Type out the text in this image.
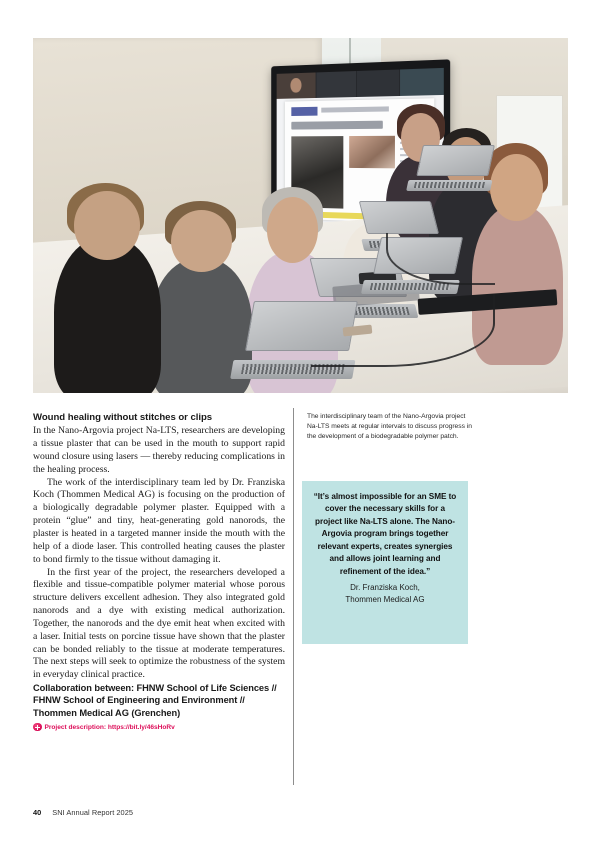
Wound healing without stitches or clips

In the Nano-Argovia project Na-LTS, researchers are developing a tissue plaster that can be used in the mouth to support rapid wound closure using lasers — thereby reducing complications in the healing process.

The work of the interdisciplinary team led by Dr. Franziska Koch (Thommen Medical AG) is focusing on the production of a biologically degradable polymer plaster. Equipped with a protein “glue” and tiny, heat-generating gold nanorods, the plaster is heated in a targeted manner inside the mouth with the help of a diode laser. This controlled heating causes the plaster to bond firmly to the tissue without damaging it.

In the first year of the project, the researchers developed a flexible and tissue-compatible polymer material whose porous structure delivers excellent adhesion. They also integrated gold nanorods and a dye with existing medical authorization. Together, the nanorods and the dye emit heat when excited with a laser. Initial tests on porcine tissue have shown that the plaster can be bonded reliably to the tissue at moderate temperatures. The next steps will seek to optimize the robustness of the system in everyday clinical practice.

Collaboration between: FHNW School of Life Sciences // FHNW School of Engineering and Environment // Thommen Medical AG (Grenchen)

Project description: https://bit.ly/46sHoRv

The interdisciplinary team of the Nano-Argovia project Na-LTS meets at regular intervals to discuss progress in the development of a biodegradable polymer patch.

“It’s almost impossible for an SME to cover the necessary skills for a project like Na-LTS alone. The Nano-Argovia program brings together relevant experts, creates synergies and allows joint learning and refinement of the idea.”

Dr. Franziska Koch,

Thommen Medical AG

40 SNI Annual Report 2025
